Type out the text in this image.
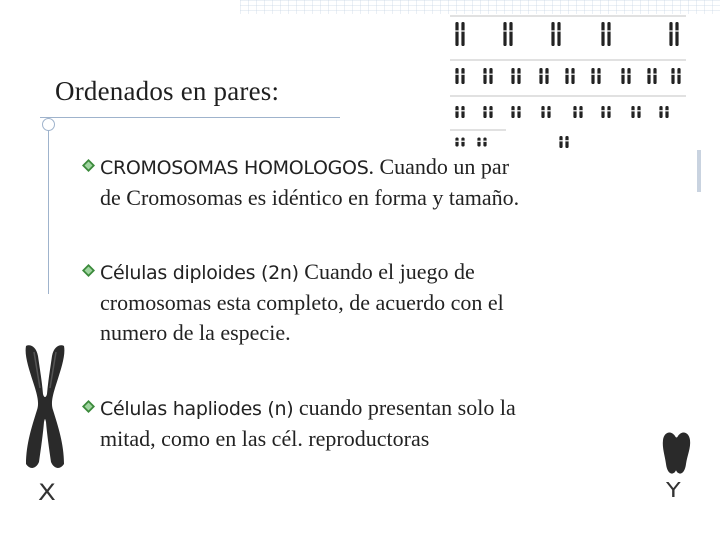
Ordenados en pares:
CROMOSOMAS HOMOLOGOS. Cuando un par
de Cromosomas es idéntico en forma y tamaño.
Células diploides (2n) Cuando el juego de
cromosomas esta completo, de acuerdo con el
numero de la especie.
Células hapliodes (n) cuando presentan solo la
mitad, como en las cél. reproductoras
X	Y
